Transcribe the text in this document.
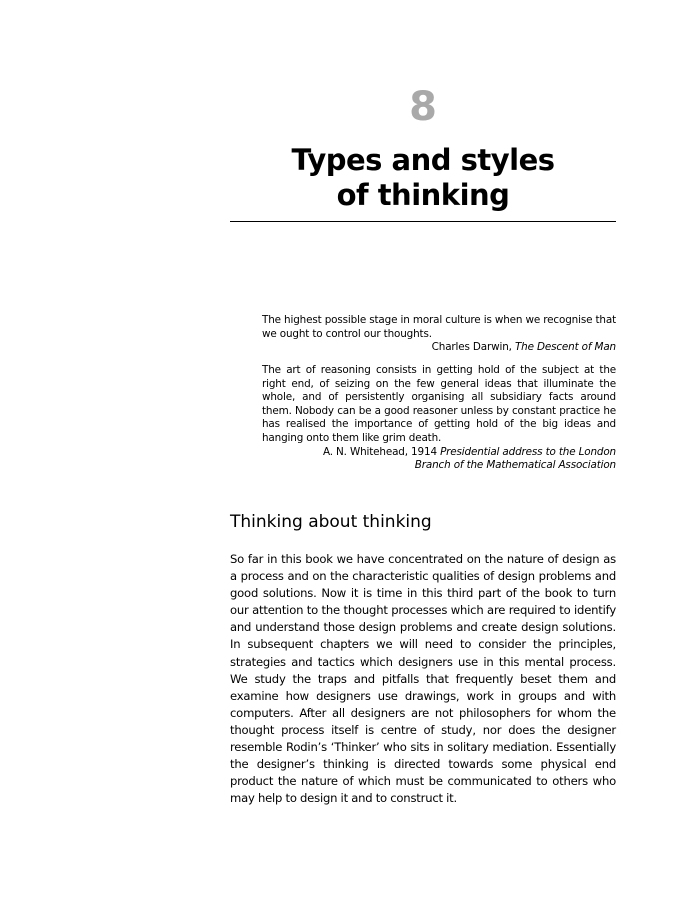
8
Types and styles
of thinking

The highest possible stage in moral culture is when we recognise that we ought to control our thoughts.

Charles Darwin, The Descent of Man

The art of reasoning consists in getting hold of the subject at the right end, of seizing on the few general ideas that illuminate the whole, and of persistently organising all subsidiary facts around them. Nobody can be a good reasoner unless by constant practice he has realised the importance of getting hold of the big ideas and hanging onto them like grim death.

A. N. Whitehead, 1914 Presidential address to the London

Branch of the Mathematical Association

Thinking about thinking

So far in this book we have concentrated on the nature of design as a process and on the characteristic qualities of design problems and good solutions. Now it is time in this third part of the book to turn our attention to the thought processes which are required to identify and understand those design problems and create design solutions. In subsequent chapters we will need to consider the principles, strategies and tactics which designers use in this mental process. We study the traps and pitfalls that frequently beset them and examine how designers use drawings, work in groups and with computers. After all designers are not philosophers for whom the thought process itself is centre of study, nor does the designer resemble Rodin’s ‘Thinker’ who sits in solitary mediation. Essentially the designer’s thinking is directed towards some physical end product the nature of which must be communicated to others who may help to design it and to construct it.
